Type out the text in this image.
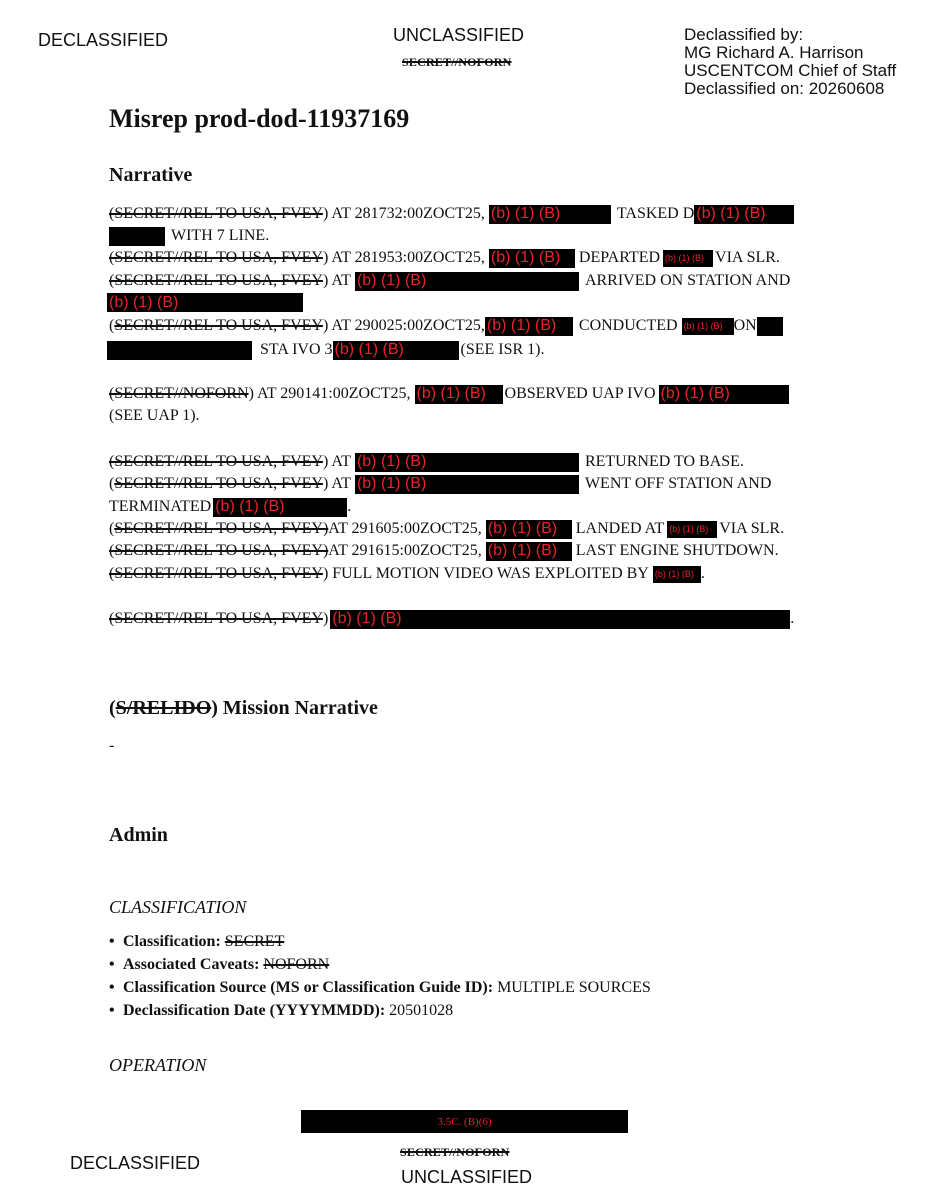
DECLASSIFIED	UNCLASSIFIED
SECRET//NOFORN
Declassified by:
MG Richard A. Harrison
USCENTCOM Chief of Staff
Declassified on: 20260608
Misrep prod-dod-11937169
Narrative
(SECRET//REL TO USA, FVEY ) AT 281732:00ZOCT25, (b) (1) (B)	TASKED D (b) (1) (B)
WITH 7 LINE.
(SECRET//REL TO USA, FVEY ) AT 281953:00ZOCT25, (b) (1) (B)	DEPARTED (b) (1) (B) VIA SLR.
(SECRET//REL TO USA, FVEY ) AT (b) (1) (B)	ARRIVED ON STATION AND
(b) (1) (B)
( SECRET//REL TO USA, FVEY ) AT 290025:00ZOCT25, (b) (1) (B)	CONDUCTED (b) (1) (B) ON
STA IVO 3 (b) (1) (B)	(SEE ISR 1).
(SECRET//NOFORN ) AT 290141:00ZOCT25, (b) (1) (B)	OBSERVED UAP IVO (b) (1) (B)
(SEE UAP 1).
(SECRET//REL TO USA, FVEY ) AT (b) (1) (B)	RETURNED TO BASE.
( SECRET//REL TO USA, FVEY ) AT (b) (1) (B)	WENT OFF STATION AND
TERMINATED (b) (1) (B)	.
( SECRET//REL TO USA, FVEY) AT 291605:00ZOCT25, (b) (1) (B)	LANDED AT (b) (1) (B) VIA SLR.
(SECRET//REL TO USA, FVEY) AT 291615:00ZOCT25, (b) (1) (B)	LAST ENGINE SHUTDOWN.
(SECRET//REL TO USA, FVEY ) FULL MOTION VIDEO WAS EXPLOITED BY (b) (1) (B) .
(SECRET//REL TO USA, FVEY ) (b) (1) (B)	.
(S/RELIDO) Mission Narrative
-
Admin
CLASSIFICATION
• Classification:
SECRET
• Associated Caveats:
NOFORN
• Classification Source (MS or Classification Guide ID):
MULTIPLE SOURCES
• Declassification Date (YYYYMMDD):
20501028
OPERATION
3.5C. (B)(6)
SECRET//NOFORN
DECLASSIFIED
UNCLASSIFIED
